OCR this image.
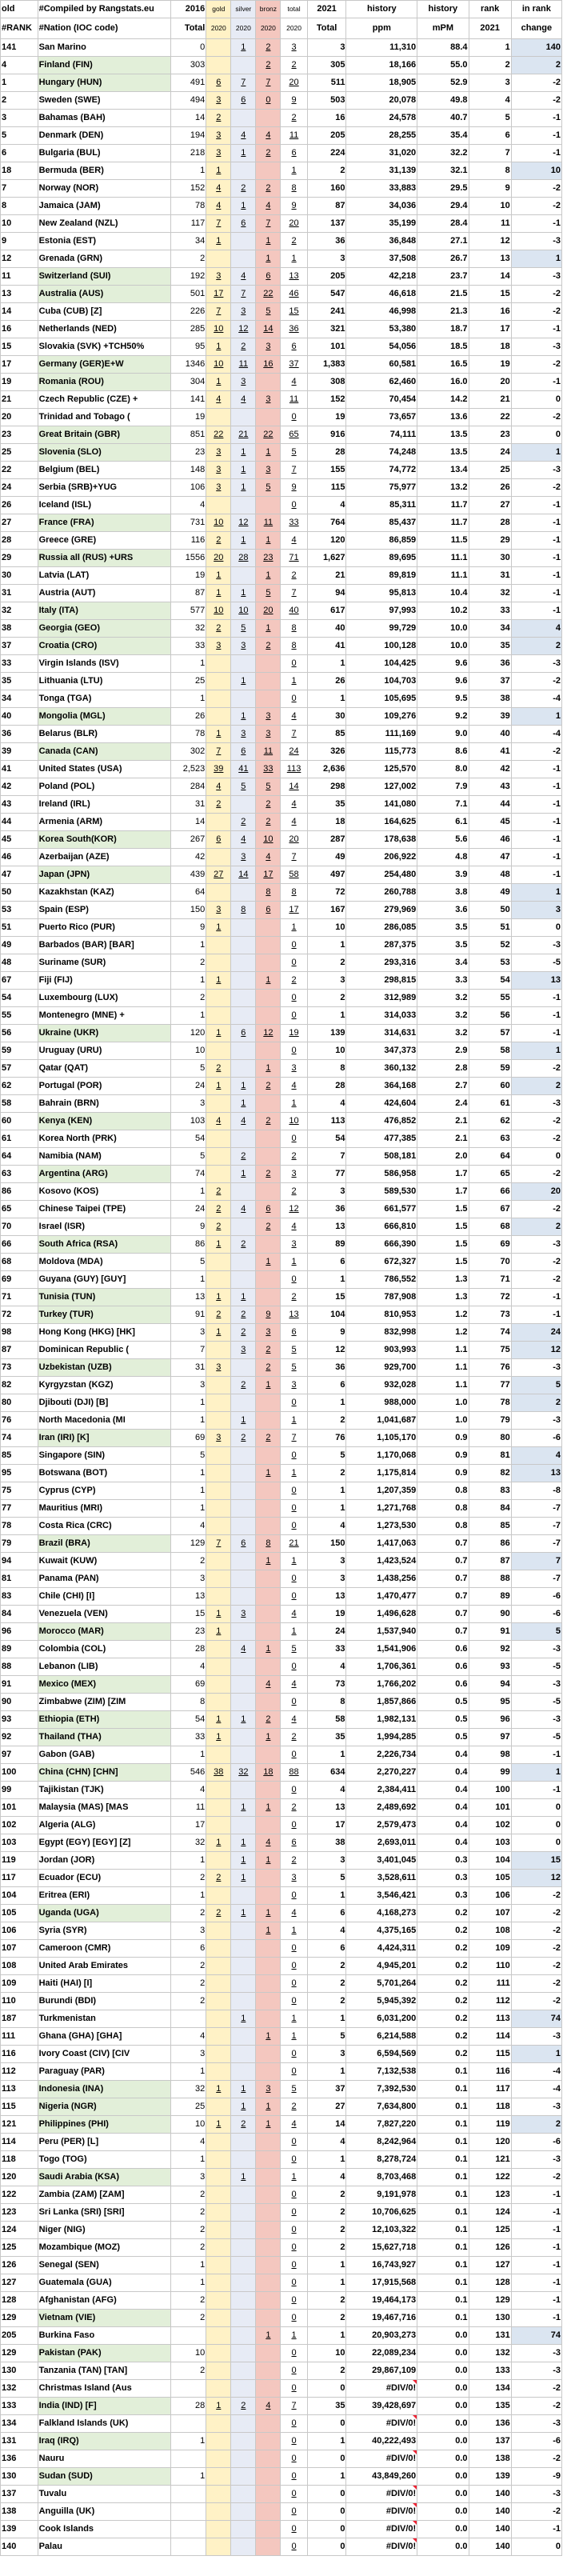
old	#Compiled by Rangstats.eu	2016	gold	silver	bronz	total	2021	history	history	rank	in rank
#RANK	#Nation (IOC code)	Total	2020	2020	2020	2020	Total	ppm	mPM	2021	change
141	San Marino	0		1	2	3	3	11,310	88.4	1	140
4	Finland (FIN)	303			2	2	305	18,166	55.0	2	2
1	Hungary (HUN)	491	6	7	7	20	511	18,905	52.9	3	-2
2	Sweden (SWE)	494	3	6	0	9	503	20,078	49.8	4	-2
3	Bahamas (BAH)	14	2			2	16	24,578	40.7	5	-1
5	Denmark (DEN)	194	3	4	4	11	205	28,255	35.4	6	-1
6	Bulgaria (BUL)	218	3	1	2	6	224	31,020	32.2	7	-1
18	Bermuda (BER)	1	1			1	2	31,139	32.1	8	10
7	Norway (NOR)	152	4	2	2	8	160	33,883	29.5	9	-2
8	Jamaica (JAM)	78	4	1	4	9	87	34,036	29.4	10	-2
10	New Zealand (NZL)	117	7	6	7	20	137	35,199	28.4	11	-1
9	Estonia (EST)	34	1		1	2	36	36,848	27.1	12	-3
12	Grenada (GRN)	2			1	1	3	37,508	26.7	13	1
11	Switzerland (SUI)	192	3	4	6	13	205	42,218	23.7	14	-3
13	Australia (AUS)	501	17	7	22	46	547	46,618	21.5	15	-2
14	Cuba (CUB) [Z]	226	7	3	5	15	241	46,998	21.3	16	-2
16	Netherlands (NED)	285	10	12	14	36	321	53,380	18.7	17	-1
15	Slovakia (SVK) +TCH50%	95	1	2	3	6	101	54,056	18.5	18	-3
17	Germany (GER)E+W	1346	10	11	16	37	1,383	60,581	16.5	19	-2
19	Romania (ROU)	304	1	3		4	308	62,460	16.0	20	-1
21	Czech Republic (CZE) +	141	4	4	3	11	152	70,454	14.2	21	0
20	Trinidad and Tobago (	19				0	19	73,657	13.6	22	-2
23	Great Britain (GBR)	851	22	21	22	65	916	74,111	13.5	23	0
25	Slovenia (SLO)	23	3	1	1	5	28	74,248	13.5	24	1
22	Belgium (BEL)	148	3	1	3	7	155	74,772	13.4	25	-3
24	Serbia (SRB)+YUG	106	3	1	5	9	115	75,977	13.2	26	-2
26	Iceland (ISL)	4				0	4	85,311	11.7	27	-1
27	France (FRA)	731	10	12	11	33	764	85,437	11.7	28	-1
28	Greece (GRE)	116	2	1	1	4	120	86,859	11.5	29	-1
29	Russia all (RUS) +URS	1556	20	28	23	71	1,627	89,695	11.1	30	-1
30	Latvia (LAT)	19	1		1	2	21	89,819	11.1	31	-1
31	Austria (AUT)	87	1	1	5	7	94	95,813	10.4	32	-1
32	Italy (ITA)	577	10	10	20	40	617	97,993	10.2	33	-1
38	Georgia (GEO)	32	2	5	1	8	40	99,729	10.0	34	4
37	Croatia (CRO)	33	3	3	2	8	41	100,128	10.0	35	2
33	Virgin Islands (ISV)	1				0	1	104,425	9.6	36	-3
35	Lithuania (LTU)	25		1		1	26	104,703	9.6	37	-2
34	Tonga (TGA)	1				0	1	105,695	9.5	38	-4
40	Mongolia (MGL)	26		1	3	4	30	109,276	9.2	39	1
36	Belarus (BLR)	78	1	3	3	7	85	111,169	9.0	40	-4
39	Canada (CAN)	302	7	6	11	24	326	115,773	8.6	41	-2
41	United States (USA)	2,523	39	41	33	113	2,636	125,570	8.0	42	-1
42	Poland (POL)	284	4	5	5	14	298	127,002	7.9	43	-1
43	Ireland (IRL)	31	2		2	4	35	141,080	7.1	44	-1
44	Armenia (ARM)	14		2	2	4	18	164,625	6.1	45	-1
45	Korea South(KOR)	267	6	4	10	20	287	178,638	5.6	46	-1
46	Azerbaijan (AZE)	42		3	4	7	49	206,922	4.8	47	-1
47	Japan (JPN)	439	27	14	17	58	497	254,480	3.9	48	-1
50	Kazakhstan (KAZ)	64			8	8	72	260,788	3.8	49	1
53	Spain (ESP)	150	3	8	6	17	167	279,969	3.6	50	3
51	Puerto Rico (PUR)	9	1			1	10	286,085	3.5	51	0
49	Barbados (BAR) [BAR]	1				0	1	287,375	3.5	52	-3
48	Suriname (SUR)	2				0	2	293,316	3.4	53	-5
67	Fiji (FIJ)	1	1		1	2	3	298,815	3.3	54	13
54	Luxembourg (LUX)	2				0	2	312,989	3.2	55	-1
55	Montenegro (MNE) +	1				0	1	314,033	3.2	56	-1
56	Ukraine (UKR)	120	1	6	12	19	139	314,631	3.2	57	-1
59	Uruguay (URU)	10				0	10	347,373	2.9	58	1
57	Qatar (QAT)	5	2		1	3	8	360,132	2.8	59	-2
62	Portugal (POR)	24	1	1	2	4	28	364,168	2.7	60	2
58	Bahrain (BRN)	3		1		1	4	424,604	2.4	61	-3
60	Kenya (KEN)	103	4	4	2	10	113	476,852	2.1	62	-2
61	Korea North (PRK)	54				0	54	477,385	2.1	63	-2
64	Namibia (NAM)	5		2		2	7	508,181	2.0	64	0
63	Argentina (ARG)	74		1	2	3	77	586,958	1.7	65	-2
86	Kosovo (KOS)	1	2			2	3	589,530	1.7	66	20
65	Chinese Taipei (TPE)	24	2	4	6	12	36	661,577	1.5	67	-2
70	Israel (ISR)	9	2		2	4	13	666,810	1.5	68	2
66	South Africa (RSA)	86	1	2		3	89	666,390	1.5	69	-3
68	Moldova (MDA)	5			1	1	6	672,327	1.5	70	-2
69	Guyana (GUY) [GUY]	1				0	1	786,552	1.3	71	-2
71	Tunisia (TUN)	13	1	1		2	15	787,908	1.3	72	-1
72	Turkey (TUR)	91	2	2	9	13	104	810,953	1.2	73	-1
98	Hong Kong (HKG) [HK]	3	1	2	3	6	9	832,998	1.2	74	24
87	Dominican Republic (	7		3	2	5	12	903,993	1.1	75	12
73	Uzbekistan (UZB)	31	3		2	5	36	929,700	1.1	76	-3
82	Kyrgyzstan (KGZ)	3		2	1	3	6	932,028	1.1	77	5
80	Djibouti (DJI) [B]	1				0	1	988,000	1.0	78	2
76	North Macedonia (MI	1		1		1	2	1,041,687	1.0	79	-3
74	Iran (IRI) [K]	69	3	2	2	7	76	1,105,170	0.9	80	-6
85	Singapore (SIN)	5				0	5	1,170,068	0.9	81	4
95	Botswana (BOT)	1			1	1	2	1,175,814	0.9	82	13
75	Cyprus (CYP)	1				0	1	1,207,359	0.8	83	-8
77	Mauritius (MRI)	1				0	1	1,271,768	0.8	84	-7
78	Costa Rica (CRC)	4				0	4	1,273,530	0.8	85	-7
79	Brazil (BRA)	129	7	6	8	21	150	1,417,063	0.7	86	-7
94	Kuwait (KUW)	2			1	1	3	1,423,524	0.7	87	7
81	Panama (PAN)	3				0	3	1,438,256	0.7	88	-7
83	Chile (CHI) [I]	13				0	13	1,470,477	0.7	89	-6
84	Venezuela (VEN)	15	1	3		4	19	1,496,628	0.7	90	-6
96	Morocco (MAR)	23	1			1	24	1,537,940	0.7	91	5
89	Colombia (COL)	28		4	1	5	33	1,541,906	0.6	92	-3
88	Lebanon (LIB)	4				0	4	1,706,361	0.6	93	-5
91	Mexico (MEX)	69			4	4	73	1,766,202	0.6	94	-3
90	Zimbabwe (ZIM) [ZIM	8				0	8	1,857,866	0.5	95	-5
93	Ethiopia (ETH)	54	1	1	2	4	58	1,982,131	0.5	96	-3
92	Thailand (THA)	33	1		1	2	35	1,994,285	0.5	97	-5
97	Gabon (GAB)	1				0	1	2,226,734	0.4	98	-1
100	China (CHN) [CHN]	546	38	32	18	88	634	2,270,227	0.4	99	1
99	Tajikistan (TJK)	4				0	4	2,384,411	0.4	100	-1
101	Malaysia (MAS) [MAS	11		1	1	2	13	2,489,692	0.4	101	0
102	Algeria (ALG)	17				0	17	2,579,473	0.4	102	0
103	Egypt (EGY) [EGY] [Z]	32	1	1	4	6	38	2,693,011	0.4	103	0
119	Jordan (JOR)	1		1	1	2	3	3,401,045	0.3	104	15
117	Ecuador (ECU)	2	2	1		3	5	3,528,611	0.3	105	12
104	Eritrea (ERI)	1				0	1	3,546,421	0.3	106	-2
105	Uganda (UGA)	2	2	1	1	4	6	4,168,273	0.2	107	-2
106	Syria (SYR)	3			1	1	4	4,375,165	0.2	108	-2
107	Cameroon (CMR)	6				0	6	4,424,311	0.2	109	-2
108	United Arab Emirates	2				0	2	4,945,201	0.2	110	-2
109	Haiti (HAI) [I]	2				0	2	5,701,264	0.2	111	-2
110	Burundi (BDI)	2				0	2	5,945,392	0.2	112	-2
187	Turkmenistan			1		1	1	6,031,200	0.2	113	74
111	Ghana (GHA) [GHA]	4			1	1	5	6,214,588	0.2	114	-3
116	Ivory Coast (CIV) [CIV	3				0	3	6,594,569	0.2	115	1
112	Paraguay (PAR)	1				0	1	7,132,538	0.1	116	-4
113	Indonesia (INA)	32	1	1	3	5	37	7,392,530	0.1	117	-4
115	Nigeria (NGR)	25		1	1	2	27	7,634,800	0.1	118	-3
121	Philippines (PHI)	10	1	2	1	4	14	7,827,220	0.1	119	2
114	Peru (PER) [L]	4				0	4	8,242,964	0.1	120	-6
118	Togo (TOG)	1				0	1	8,278,724	0.1	121	-3
120	Saudi Arabia (KSA)	3		1		1	4	8,703,468	0.1	122	-2
122	Zambia (ZAM) [ZAM]	2				0	2	9,191,978	0.1	123	-1
123	Sri Lanka (SRI) [SRI]	2				0	2	10,706,625	0.1	124	-1
124	Niger (NIG)	2				0	2	12,103,322	0.1	125	-1
125	Mozambique (MOZ)	2				0	2	15,627,718	0.1	126	-1
126	Senegal (SEN)	1				0	1	16,743,927	0.1	127	-1
127	Guatemala (GUA)	1				0	1	17,915,568	0.1	128	-1
128	Afghanistan (AFG)	2				0	2	19,464,173	0.1	129	-1
129	Vietnam (VIE)	2				0	2	19,467,716	0.1	130	-1
205	Burkina Faso				1	1	1	20,903,273	0.0	131	74
129	Pakistan (PAK)	10				0	10	22,089,234	0.0	132	-3
130	Tanzania (TAN) [TAN]	2				0	2	29,867,109	0.0	133	-3
132	Christmas Island (Aus					0	0	#DIV/0!	0.0	134	-2
133	India (IND) [F]	28	1	2	4	7	35	39,428,697	0.0	135	-2
134	Falkland Islands (UK)					0	0	#DIV/0!	0.0	136	-3
131	Iraq (IRQ)	1				0	1	40,222,493	0.0	137	-6
136	Nauru					0	0	#DIV/0!	0.0	138	-2
130	Sudan (SUD)	1				0	1	43,849,260	0.0	139	-9
137	Tuvalu					0	0	#DIV/0!	0.0	140	-3
138	Anguilla (UK)					0	0	#DIV/0!	0.0	140	-2
139	Cook Islands					0	0	#DIV/0!	0.0	140	-1
140	Palau					0	0	#DIV/0!	0.0	140	0
